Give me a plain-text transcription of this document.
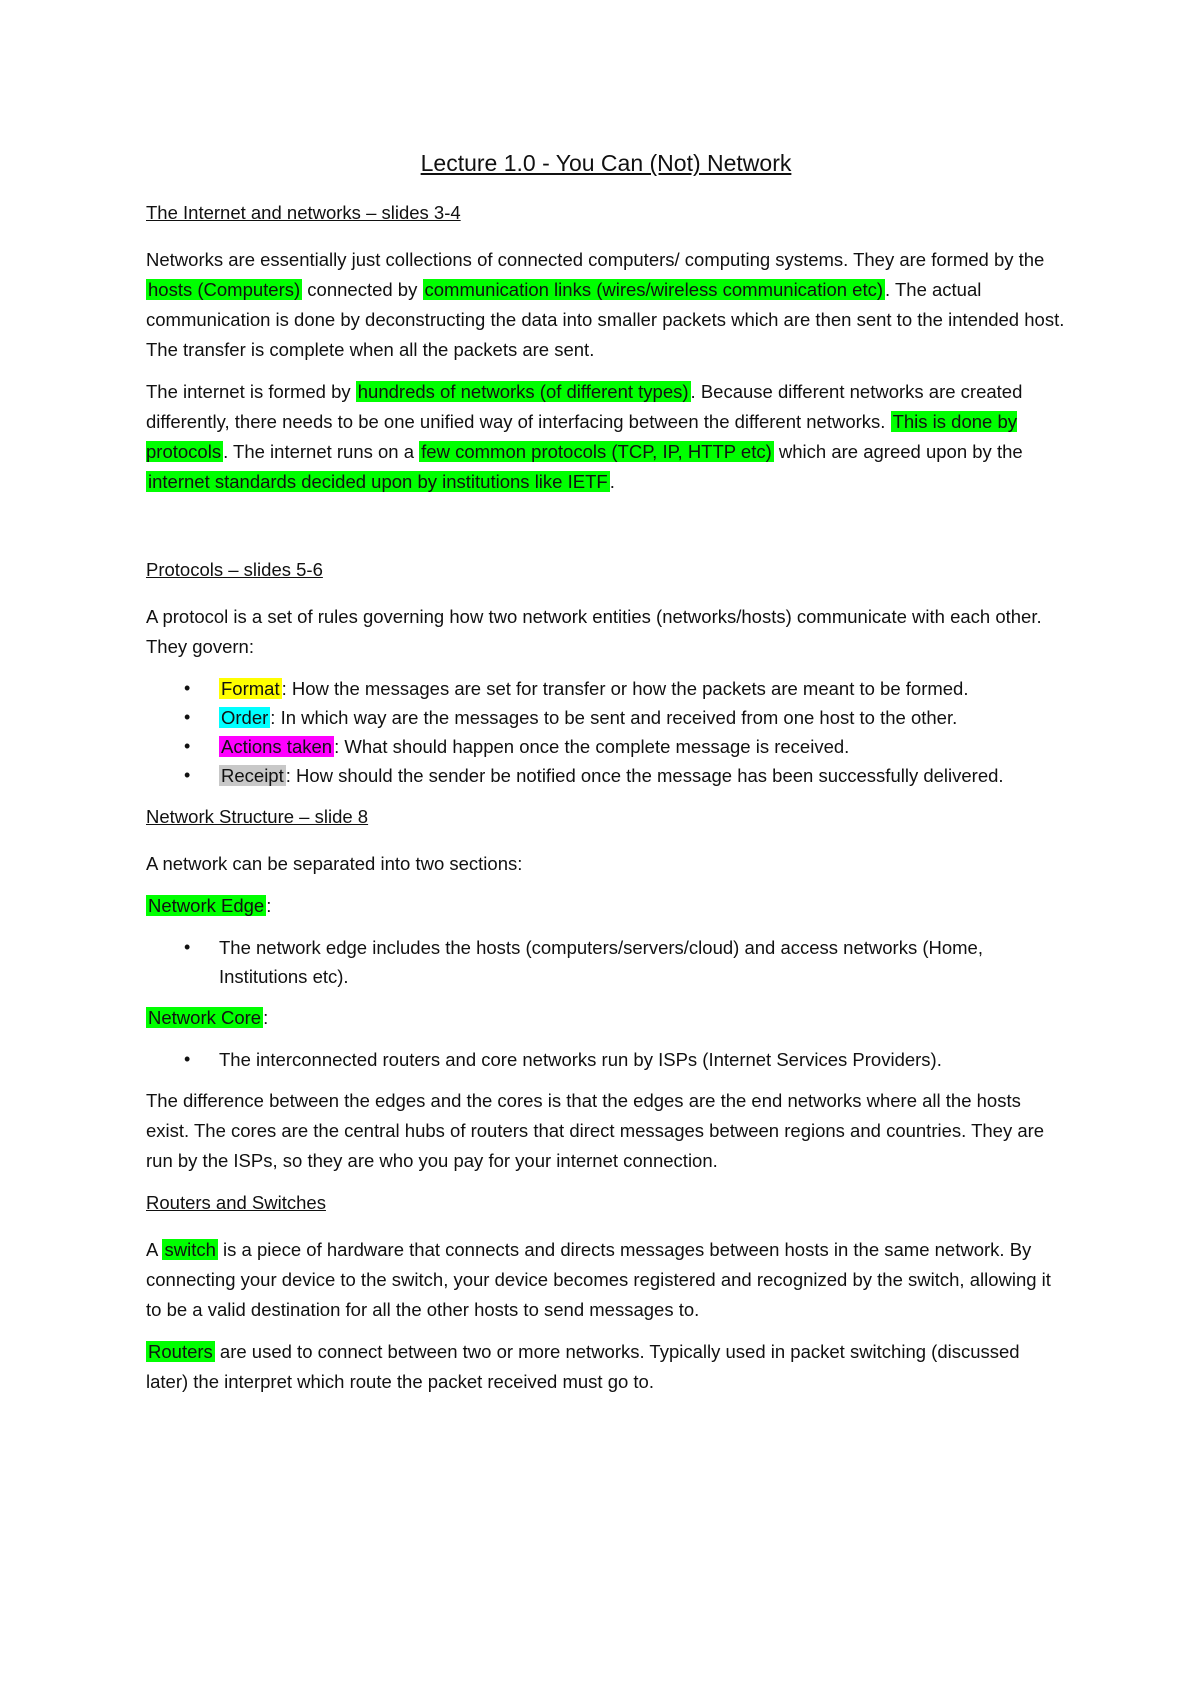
Lecture 1.0 - You Can (Not) Network
The Internet and networks – slides 3-4

Networks are essentially just collections of connected computers/ computing systems. They are formed by the hosts (Computers) connected by communication links (wires/wireless communication etc) . The actual communication is done by deconstructing the data into smaller packets which are then sent to the intended host. The transfer is complete when all the packets are sent.

The internet is formed by hundreds of networks (of different types) . Because different networks are created differently, there needs to be one unified way of interfacing between the different networks. This is done by protocols . The internet runs on a few common protocols (TCP, IP, HTTP etc) which are agreed upon by the internet standards decided upon by institutions like IETF .

Protocols – slides 5-6

A protocol is a set of rules governing how two network entities (networks/hosts) communicate with each other. They govern:

• Format : How the messages are set for transfer or how the packets are meant to be formed.
• Order : In which way are the messages to be sent and received from one host to the other.
• Actions taken : What should happen once the complete message is received.
• Receipt : How should the sender be notified once the message has been successfully delivered.
Network Structure – slide 8

A network can be separated into two sections:

Network Edge :

• The network edge includes the hosts (computers/servers/cloud) and access networks (Home, Institutions etc).

Network Core :

• The interconnected routers and core networks run by ISPs (Internet Services Providers).

The difference between the edges and the cores is that the edges are the end networks where all the hosts exist. The cores are the central hubs of routers that direct messages between regions and countries. They are run by the ISPs, so they are who you pay for your internet connection.

Routers and Switches

A switch is a piece of hardware that connects and directs messages between hosts in the same network. By connecting your device to the switch, your device becomes registered and recognized by the switch, allowing it to be a valid destination for all the other hosts to send messages to.

Routers are used to connect between two or more networks. Typically used in packet switching (discussed later) the interpret which route the packet received must go to.
